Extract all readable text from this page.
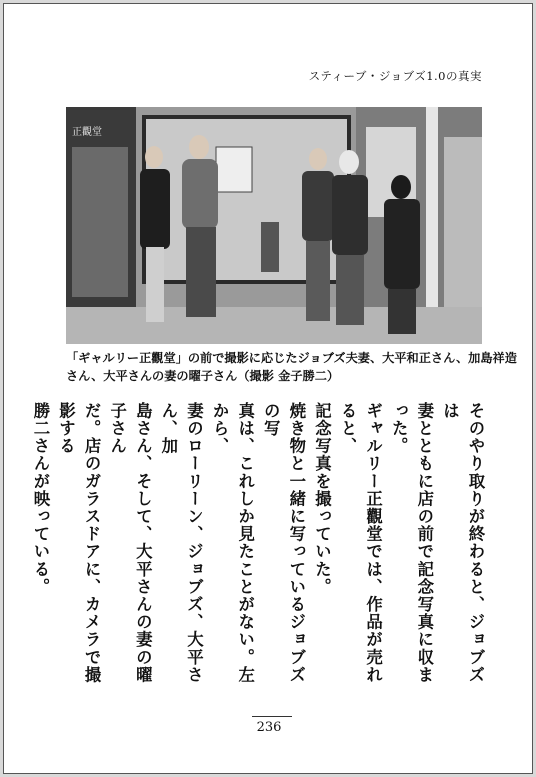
スティーブ・ジョブズ1.0の真実
正觀堂

「ギャルリー正觀堂」の前で撮影に応じたジョブズ夫妻、大平和正さん、加島祥造

さん、大平さんの妻の曜子さん（撮影 金子勝二）

そのやり取りが終わると、ジョブズは
妻とともに店の前で記念写真に収まった。
ギャルリー正觀堂では、作品が売れると、
記念写真を撮っていた。

焼き物と一緒に写っているジョブズの写
真は、これしか見たことがない。左から、
妻のローリーン、ジョブズ、大平さん、加
島さん、そして、大平さんの妻の曜子さん
だ。店のガラスドアに、カメラで撮影する
勝二さんが映っている。

236
